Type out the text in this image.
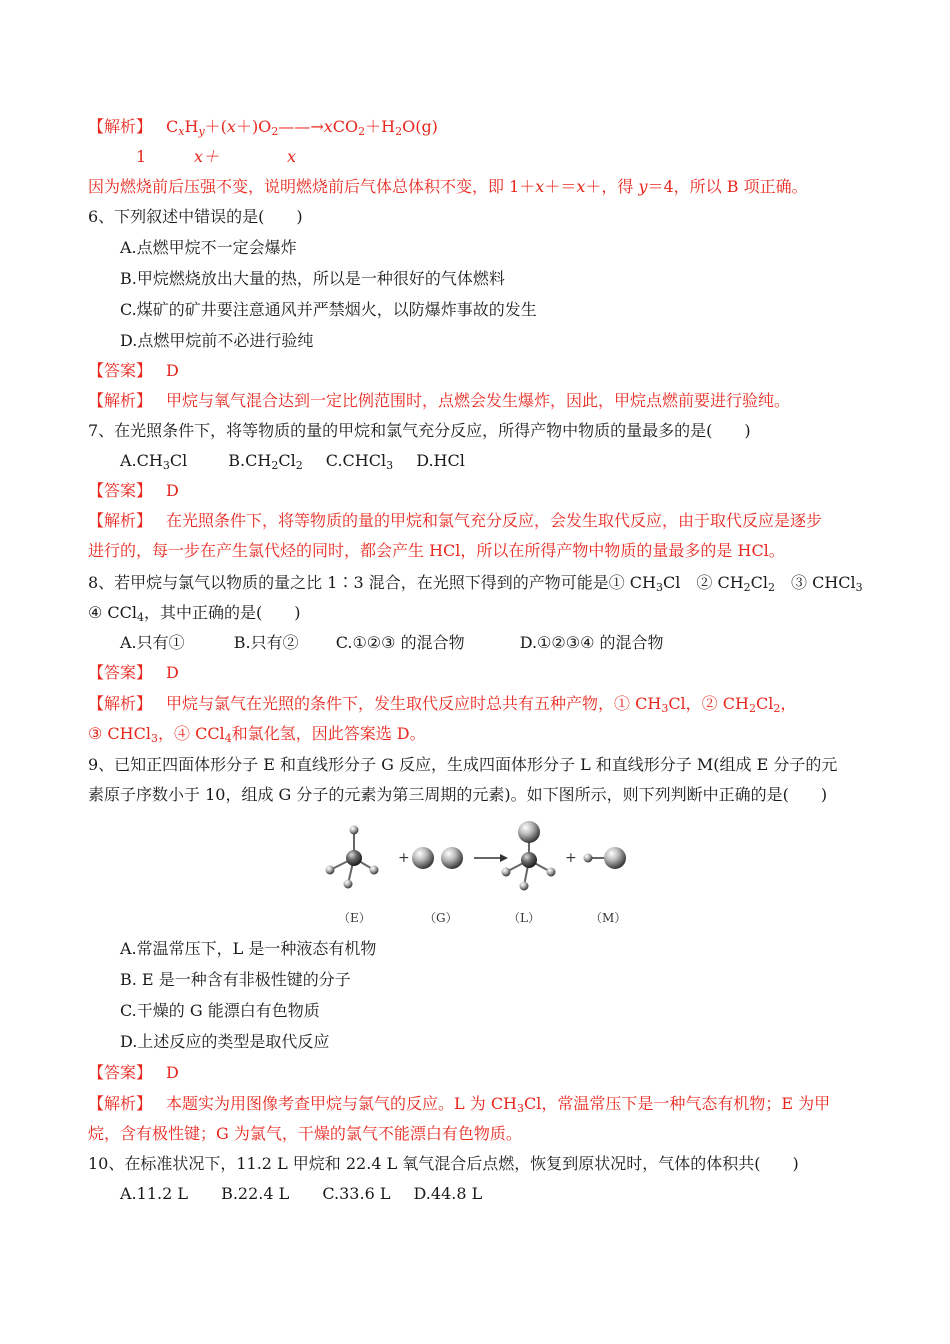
【解析】 $C_xH_y+(x+)O_2——\to xCO_2+H_2O(g)$
1	x＋	x
因为燃烧前后压强不变，说明燃烧前后气体总体积不变，即 1＋x＋＝x＋，得 y＝4，所以 B 项正确。
6、下列叙述中错误的是(　　)
A.点燃甲烷不一定会爆炸
B.甲烷燃烧放出大量的热，所以是一种很好的气体燃料
C.煤矿的矿井要注意通风并严禁烟火，以防爆炸事故的发生
D.点燃甲烷前不必进行验纯
【答案】 D
【解析】 甲烷与氧气混合达到一定比例范围时，点燃会发生爆炸，因此，甲烷点燃前要进行验纯。
7、在光照条件下，将等物质的量的甲烷和氯气充分反应，所得产物中物质的量最多的是(　　)
$A.CH_3Cl$	$B.CH_2Cl_2$ C.CHCl$_3$ D.HCl
【答案】 D
【解析】 在光照条件下，将等物质的量的甲烷和氯气充分反应，会发生取代反应，由于取代反应是逐步
进行的，每一步在产生氯代烃的同时，都会产生 HCl，所以在所得产物中物质的量最多的是 HCl。
8、若甲烷与氯气以物质的量之比 1∶3 混合，在光照下得到的产物可能是① $CH_3Cl$　② $CH_2Cl_2$　③ CHCl$_3$
④ CCl$_4$，其中正确的是(　　)
A.只有①	B.只有② C.①②③ 的混合物	D.①②③④ 的混合物
【答案】 D
【解析】 甲烷与氯气在光照的条件下，发生取代反应时总共有五种产物，① $CH_3Cl$，② $CH_2Cl_2$，
③ CHCl$_3$，④ CCl$_4$和氯化氢，因此答案选 D。
9、已知正四面体形分子 E 和直线形分子 G 反应，生成四面体形分子 L 和直线形分子 M(组成 E 分子的元
素原子序数小于 10，组成 G 分子的元素为第三周期的元素)。如下图所示，则下列判断中正确的是(　　)
+	+
（E）	（G）	（L）	（M）
A.常温常压下，L 是一种液态有机物
B. E 是一种含有非极性键的分子
C.干燥的 G 能漂白有色物质
D.上述反应的类型是取代反应
【答案】 D
【解析】 本题实为用图像考查甲烷与氯气的反应。L 为 $CH_3Cl$，常温常压下是一种气态有机物；E 为甲
烷，含有极性键；G 为氯气，干燥的氯气不能漂白有色物质。
10、在标准状况下，11.2 L 甲烷和 22.4 L 氧气混合后点燃，恢复到原状况时，气体的体积共(　　)
A.11.2 L B.22.4 L C.33.6 L D.44.8 L
